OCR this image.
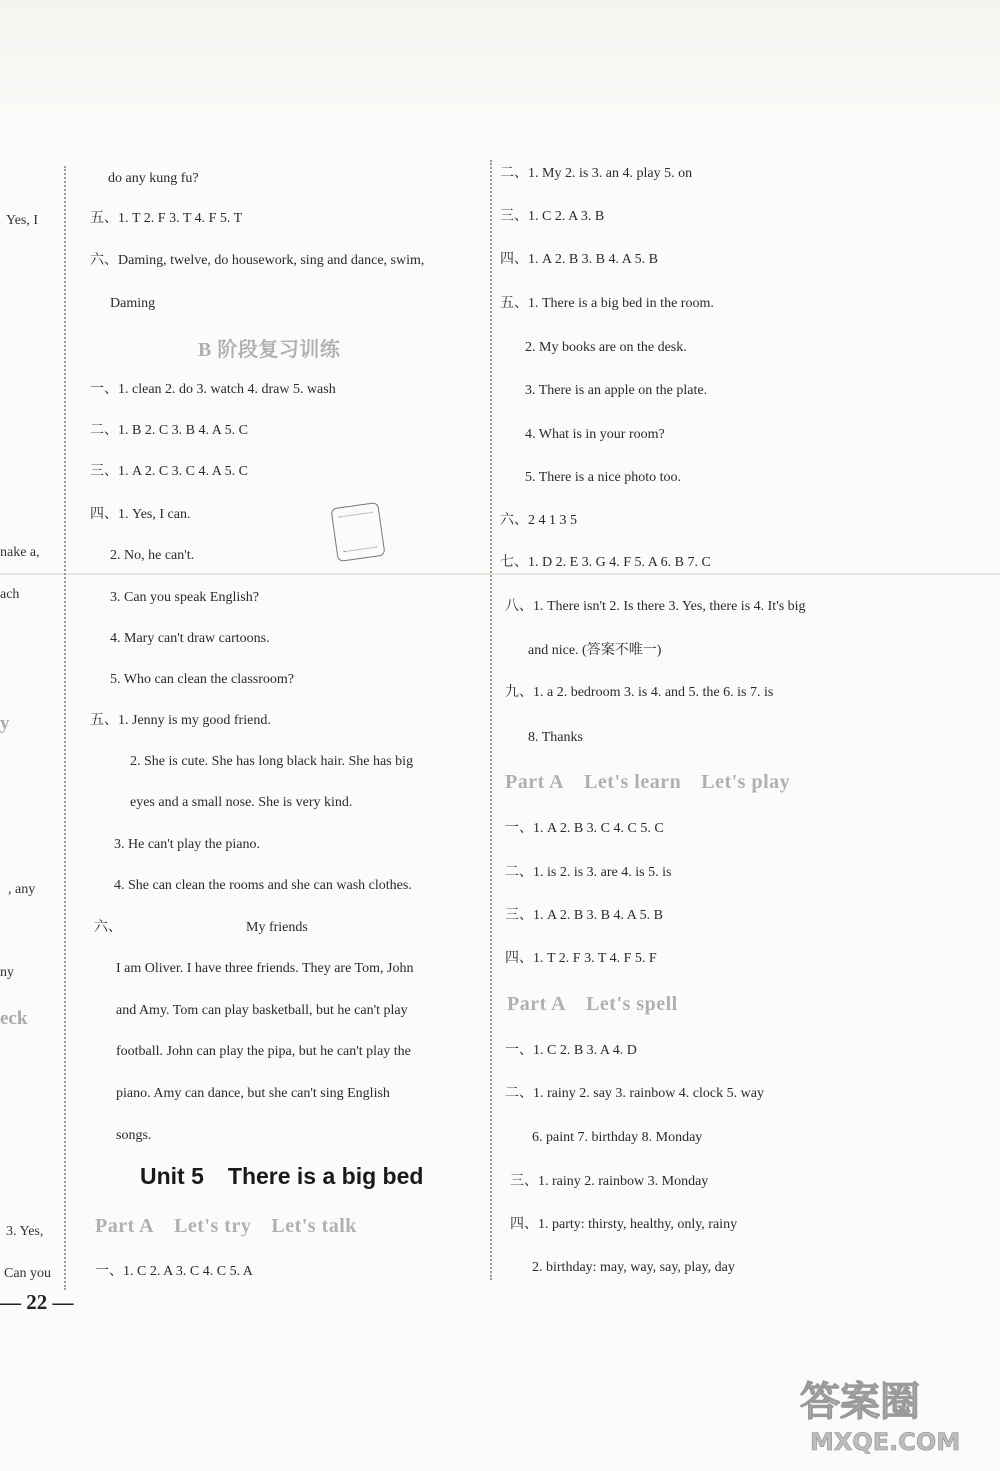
Yes, I
nake a,
ach
y
, any
ny
eck
3. Yes,
Can you
do any kung fu?
五、1. T 2. F 3. T 4. F 5. T
六、Daming, twelve, do housework, sing and dance, swim,
Daming
B 阶段复习训练
一、1. clean 2. do 3. watch 4. draw 5. wash
二、1. B 2. C 3. B 4. A 5. C
三、1. A 2. C 3. C 4. A 5. C
四、1. Yes, I can.
2. No, he can't.
3. Can you speak English?
4. Mary can't draw cartoons.
5. Who can clean the classroom?
五、1. Jenny is my good friend.
2. She is cute. She has long black hair. She has big
eyes and a small nose. She is very kind.
3. He can't play the piano.
4. She can clean the rooms and she can wash clothes.
六、	My friends
I am Oliver. I have three friends. They are Tom, John
and Amy. Tom can play basketball, but he can't play
football. John can play the pipa, but he can't play the
piano. Amy can dance, but she can't sing English
songs.
Unit 5 There is a big bed
Part A Let's try Let's talk
一、1. C 2. A 3. C 4. C 5. A
二、1. My 2. is 3. an 4. play 5. on
三、1. C 2. A 3. B
四、1. A 2. B 3. B 4. A 5. B
五、1. There is a big bed in the room.
2. My books are on the desk.
3. There is an apple on the plate.
4. What is in your room?
5. There is a nice photo too.
六、2 4 1 3 5
七、1. D 2. E 3. G 4. F 5. A 6. B 7. C
八、1. There isn't 2. Is there 3. Yes, there is 4. It's big
and nice. (答案不唯一)
九、1. a 2. bedroom 3. is 4. and 5. the 6. is 7. is
8. Thanks
Part A Let's learn Let's play
一、1. A 2. B 3. C 4. C 5. C
二、1. is 2. is 3. are 4. is 5. is
三、1. A 2. B 3. B 4. A 5. B
四、1. T 2. F 3. T 4. F 5. F
Part A Let's spell
一、1. C 2. B 3. A 4. D
二、1. rainy 2. say 3. rainbow 4. clock 5. way
6. paint 7. birthday 8. Monday
三、1. rainy 2. rainbow 3. Monday
四、1. party: thirsty, healthy, only, rainy
2. birthday: may, way, say, play, day
— 22 —
答案圈
MXQE.COM
